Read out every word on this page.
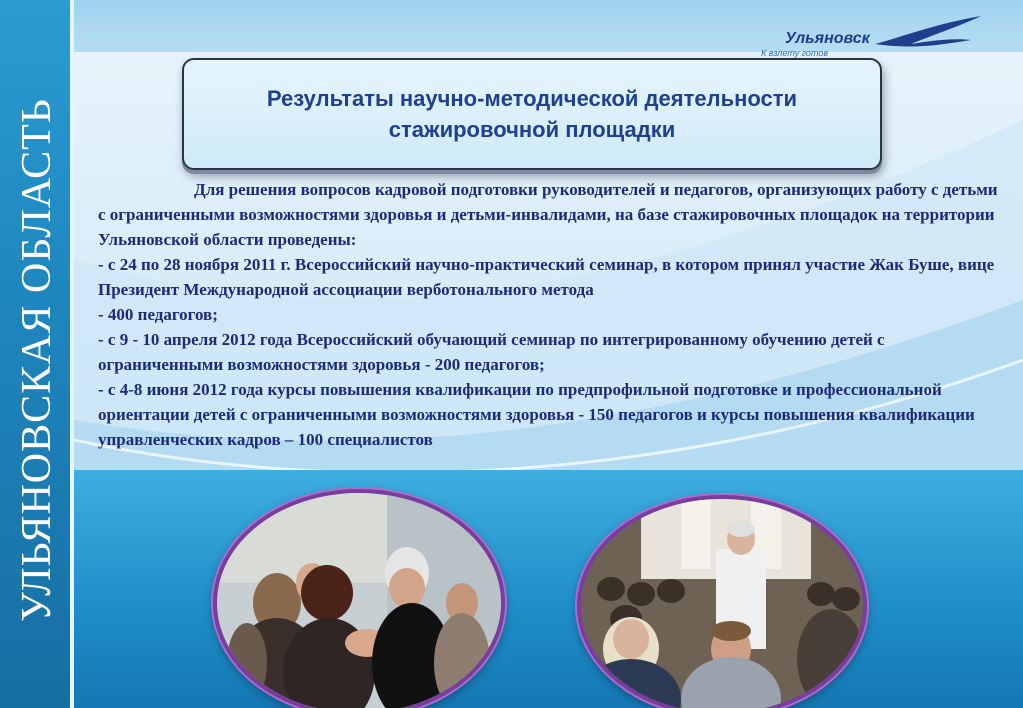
УЛЬЯНОВСКАЯ ОБЛАСТЬ
Ульяновск
К взлету готов
Результаты научно-методической деятельности
стажировочной площадки

Для решения вопросов кадровой подготовки руководителей и педагогов, организующих работу с детьми с ограниченными возможностями здоровья и детьми-инвалидами, на базе стажировочных площадок на территории Ульяновской области проведены:

- с 24 по 28 ноября 2011 г. Всероссийский научно-практический семинар, в котором принял участие Жак Буше, вице Президент Международной ассоциации верботонального метода

- 400 педагогов;

- с 9 - 10 апреля 2012 года Всероссийский обучающий семинар по интегрированному обучению детей с ограниченными возможностями здоровья - 200 педагогов;

- с 4-8 июня 2012 года курсы повышения квалификации по предпрофильной подготовке и профессиональной ориентации детей с ограниченными возможностями здоровья - 150 педагогов и курсы повышения квалификации управленческих кадров – 100 специалистов
